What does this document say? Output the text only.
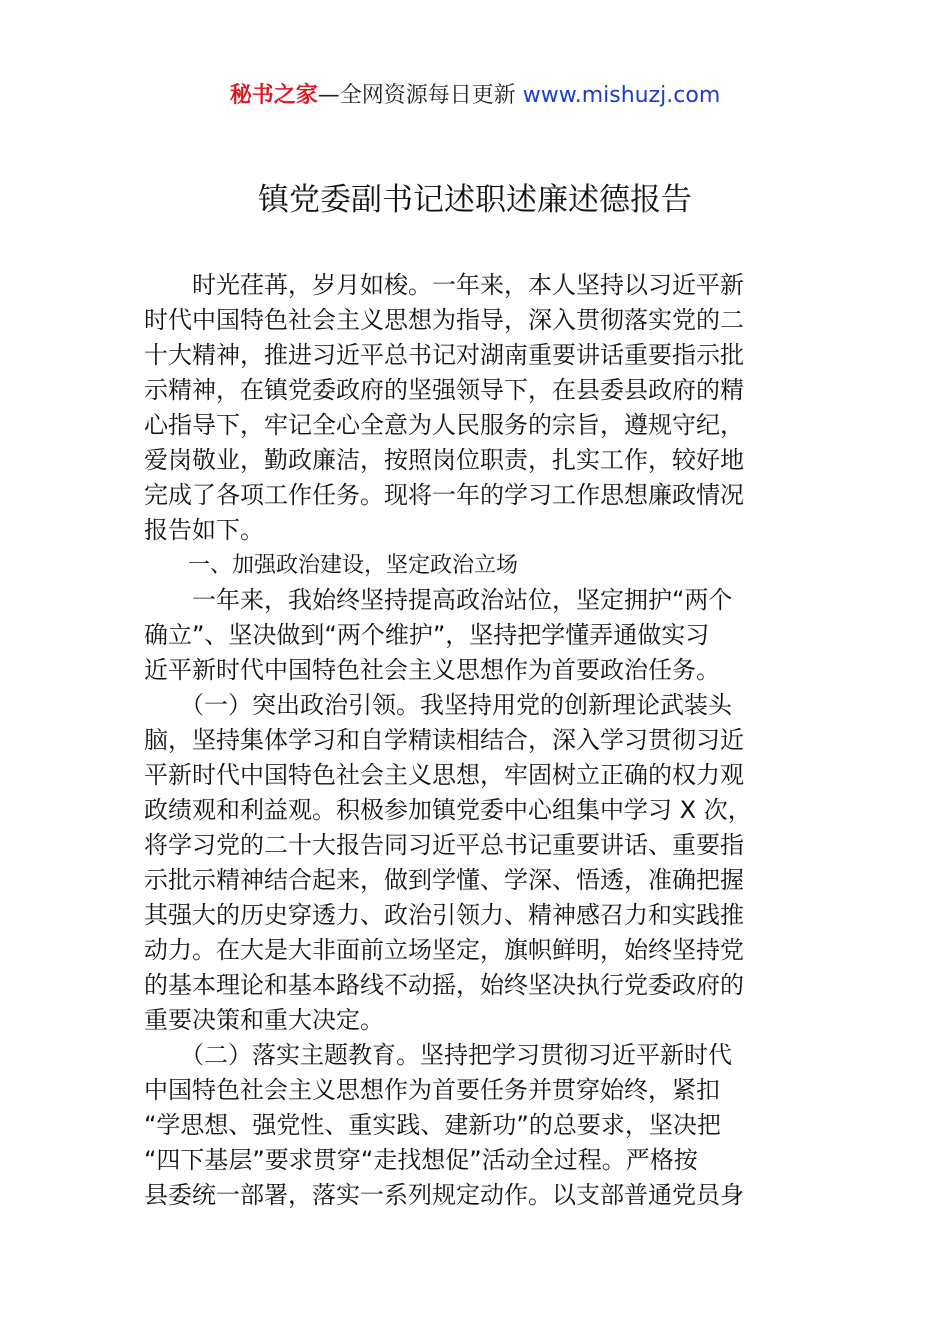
秘书之家—全网资源每日更新 www.mishuzj.com
镇党委副书记述职述廉述德报告
　　时光荏苒，岁月如梭。一年来，本人坚持以习近平新
时代中国特色社会主义思想为指导，深入贯彻落实党的二
十大精神，推进习近平总书记对湖南重要讲话重要指示批
示精神，在镇党委政府的坚强领导下，在县委县政府的精
心指导下，牢记全心全意为人民服务的宗旨，遵规守纪，
爱岗敬业，勤政廉洁，按照岗位职责，扎实工作，较好地
完成了各项工作任务。现将一年的学习工作思想廉政情况
报告如下。
　　一、加强政治建设，坚定政治立场
　　一年来，我始终坚持提高政治站位，坚定拥护“两个
确立”、坚决做到“两个维护”，坚持把学懂弄通做实习
近平新时代中国特色社会主义思想作为首要政治任务。
　　（一）突出政治引领。我坚持用党的创新理论武装头
脑，坚持集体学习和自学精读相结合，深入学习贯彻习近
平新时代中国特色社会主义思想，牢固树立正确的权力观
政绩观和利益观。积极参加镇党委中心组集中学习 X 次，
将学习党的二十大报告同习近平总书记重要讲话、重要指
示批示精神结合起来，做到学懂、学深、悟透，准确把握
其强大的历史穿透力、政治引领力、精神感召力和实践推
动力。在大是大非面前立场坚定，旗帜鲜明，始终坚持党
的基本理论和基本路线不动摇，始终坚决执行党委政府的
重要决策和重大决定。
　　（二）落实主题教育。坚持把学习贯彻习近平新时代
中国特色社会主义思想作为首要任务并贯穿始终，紧扣
“学思想、强党性、重实践、建新功”的总要求，坚决把
“四下基层”要求贯穿“走找想促”活动全过程。严格按
县委统一部署，落实一系列规定动作。以支部普通党员身
